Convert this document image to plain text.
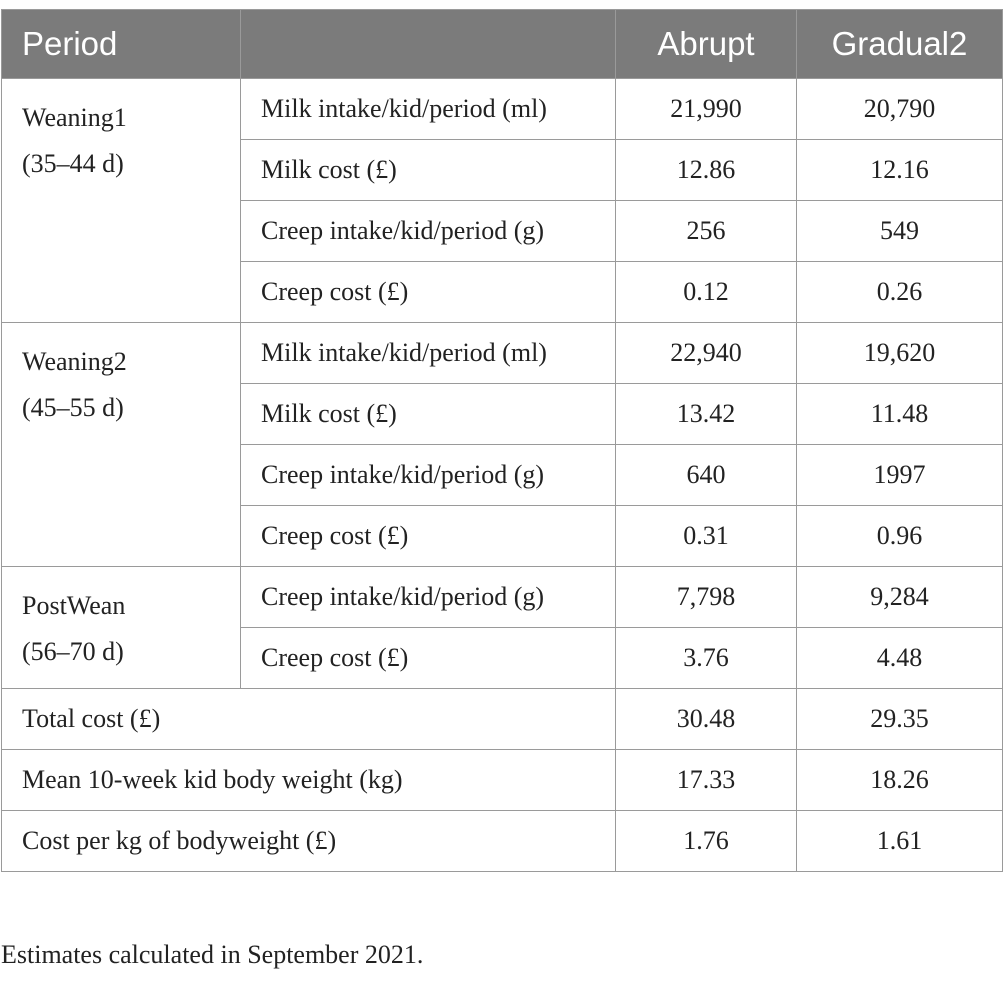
Period		Abrupt	Gradual2

Weaning1
(35–44 d)	Milk intake/kid/period (ml)	21,990	20,790
	Milk cost (£)	12.86	12.16
	Creep intake/kid/period (g)	256	549
	Creep cost (£)	0.12	0.26

Weaning2
(45–55 d)	Milk intake/kid/period (ml)	22,940	19,620
	Milk cost (£)	13.42	11.48
	Creep intake/kid/period (g)	640	1997
	Creep cost (£)	0.31	0.96

PostWean
(56–70 d)	Creep intake/kid/period (g)	7,798	9,284
	Creep cost (£)	3.76	4.48
Total cost (£)		30.48	29.35
Mean 10-week kid body weight (kg)		17.33	18.26
Cost per kg of bodyweight (£)		1.76	1.61
Estimates calculated in September 2021.
